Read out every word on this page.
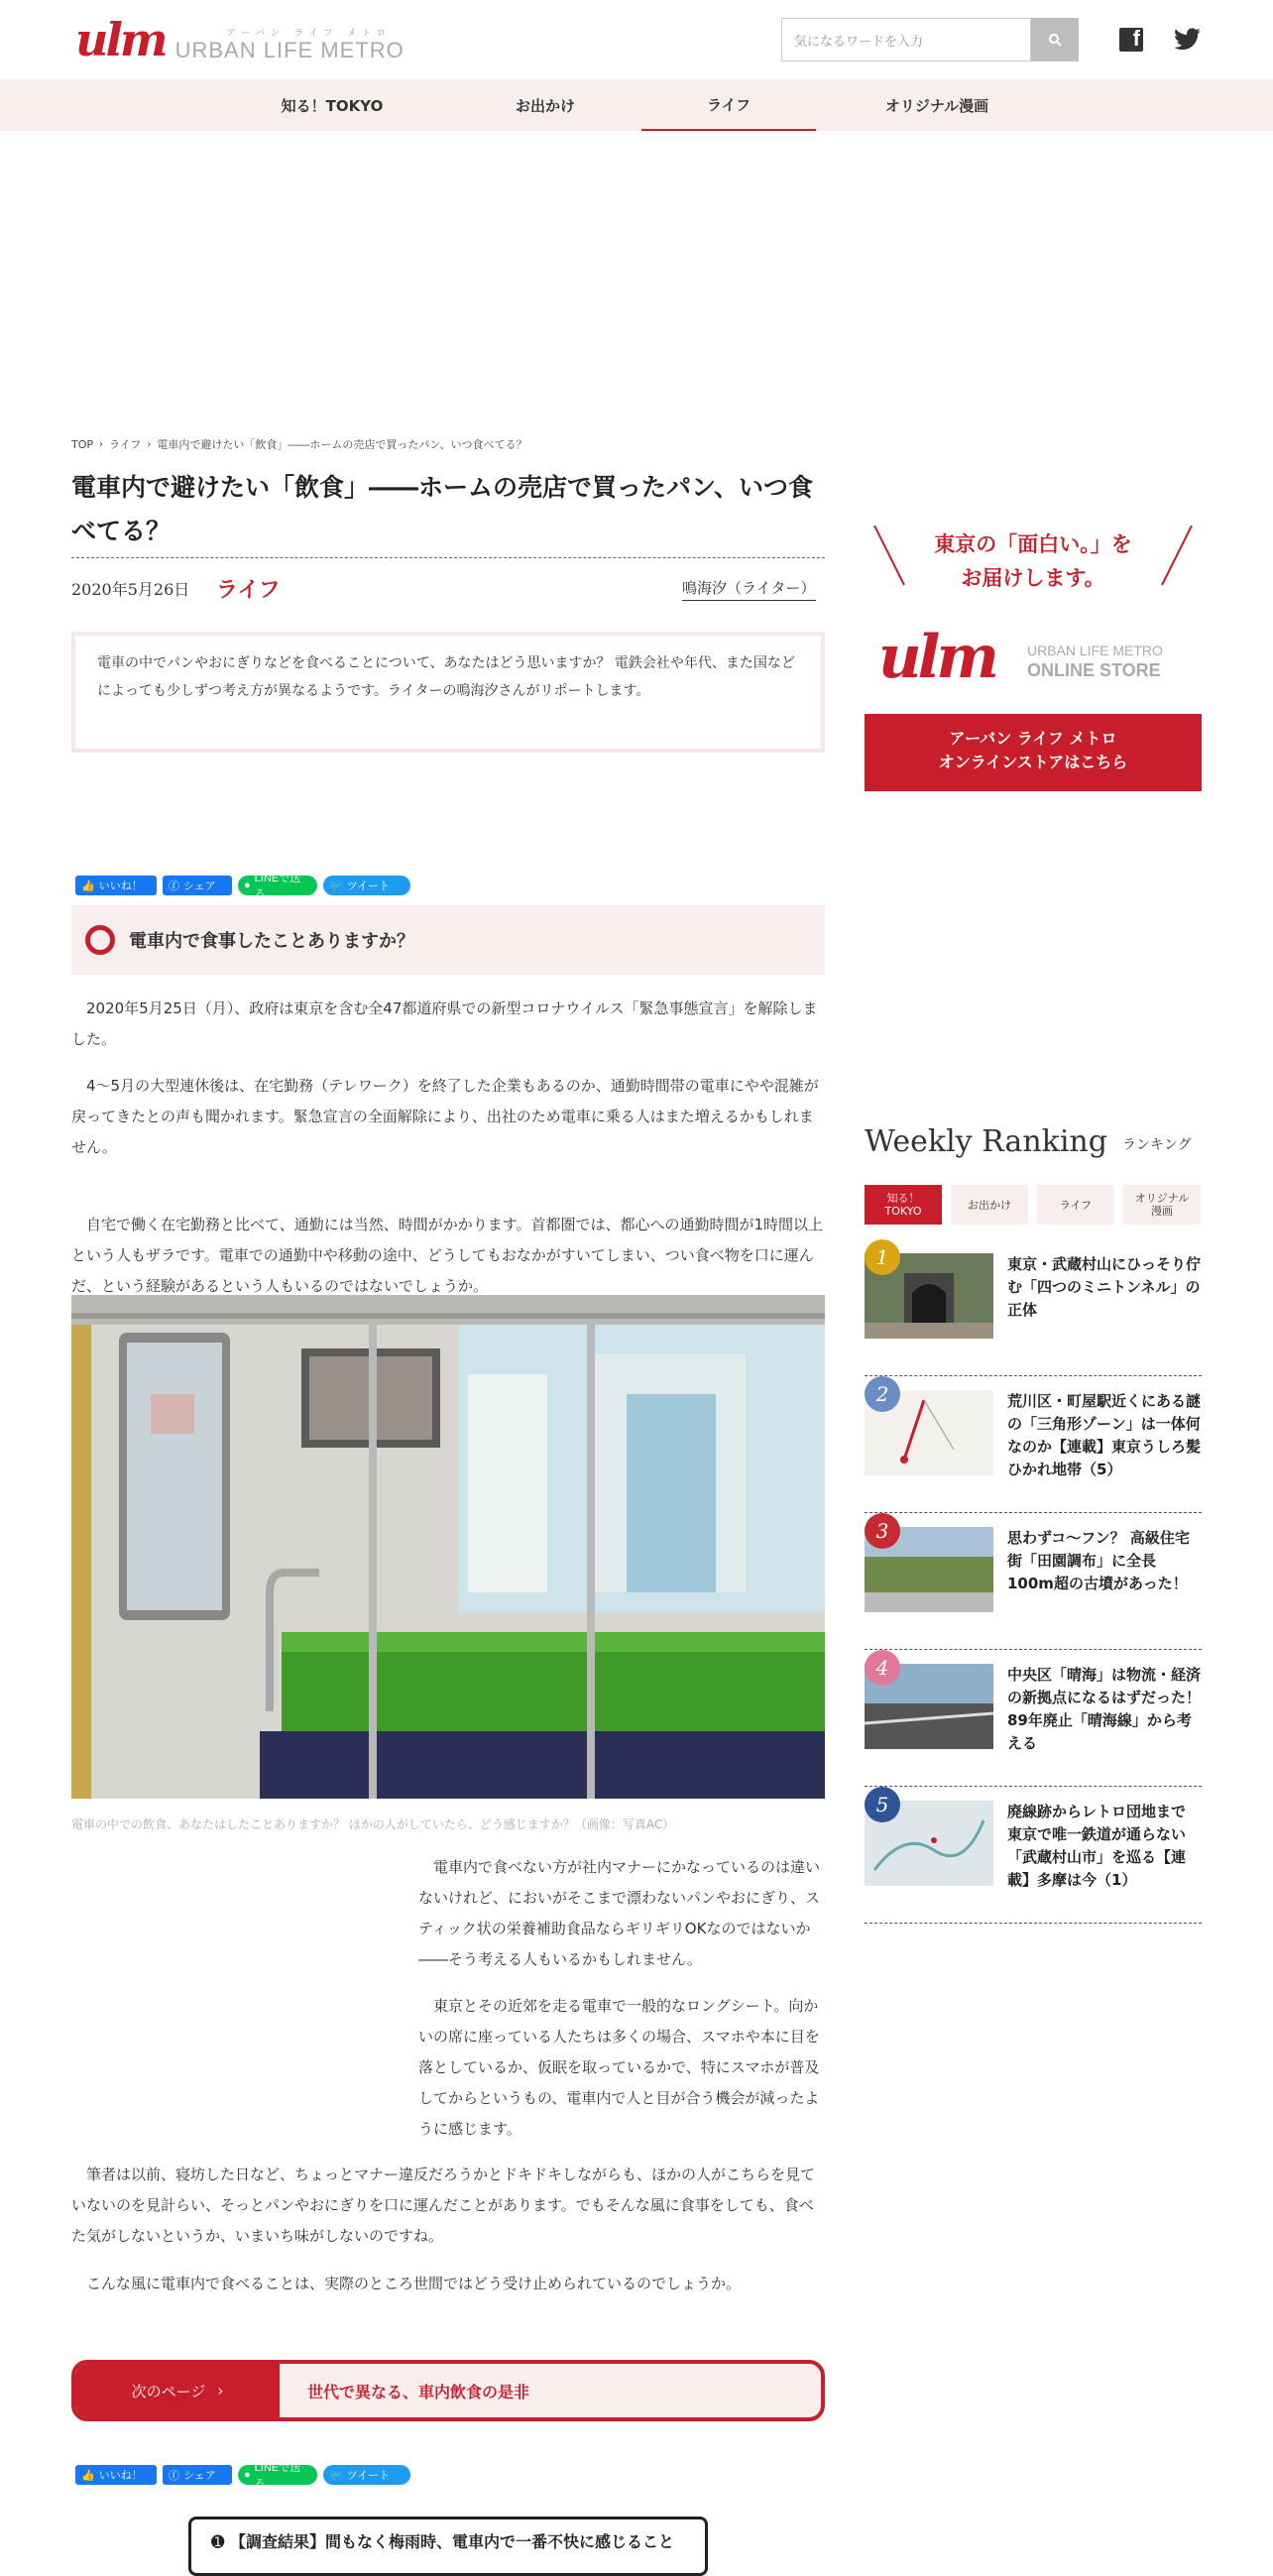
ulm	アーバン ライフ メトロ
URBAN LIFE METRO	気になるワードを入力	f
知る！TOKYO	お出かけ	ライフ	オリジナル漫画
TOP › ライフ › 電車内で避けたい「飲食」――ホームの売店で買ったパン、いつ食べてる？
電車内で避けたい「飲食」――ホームの売店で買ったパン、いつ食べてる？
2020年5月26日 ライフ	鳴海汐（ライター）
電車の中でパンやおにぎりなどを食べることについて、あなたはどう思いますか？ 電鉄会社や年代、また国などによっても少しずつ考え方が異なるようです。ライターの鳴海汐さんがリポートします。
👍 いいね！ ⓕ シェア	●
LINEで送る
🐦 ツイート
電車内で食事したことありますか？

2020年5月25日（月）、政府は東京を含む全47都道府県での新型コロナウイルス「緊急事態宣言」を解除しました。

4～5月の大型連休後は、在宅勤務（テレワーク）を終了した企業もあるのか、通勤時間帯の電車にやや混雑が戻ってきたとの声も聞かれます。緊急宣言の全面解除により、出社のため電車に乗る人はまた増えるかもしれません。

自宅で働く在宅勤務と比べて、通勤には当然、時間がかかります。首都圏では、都心への通勤時間が1時間以上という人もザラです。電車での通勤中や移動の途中、どうしてもおなかがすいてしまい、つい食べ物を口に運んだ、という経験があるという人もいるのではないでしょうか。

電車の中での飲食、あなたはしたことありますか？ ほかの人がしていたら、どう感じますか？（画像：写真AC）

電車内で食べない方が社内マナーにかなっているのは違いないけれど、においがそこまで漂わないパンやおにぎり、スティック状の栄養補助食品ならギリギリOKなのではないか――そう考える人もいるかもしれません。

東京とその近郊を走る電車で一般的なロングシート。向かいの席に座っている人たちは多くの場合、スマホや本に目を落としているか、仮眠を取っているかで、特にスマホが普及してからというもの、電車内で人と目が合う機会が減ったように感じます。

筆者は以前、寝坊した日など、ちょっとマナー違反だろうかとドキドキしながらも、ほかの人がこちらを見ていないのを見計らい、そっとパンやおにぎりを口に運んだことがあります。でもそんな風に食事をしても、食べた気がしないというか、いまいち味がしないのですね。

こんな風に電車内で食べることは、実際のところ世間ではどう受け止められているのでしょうか。

次のページ ›	世代で異なる、車内飲食の是非
👍 いいね！ ⓕ シェア	●
LINEで送る
🐦 ツイート
➊ 【調査結果】間もなく梅雨時、電車内で一番不快に感じること
東京の「面白い。」を
お届けします。
ulm URBAN LIFE METRO
ONLINE STORE
アーバン ライフ メトロ
オンラインストアはこちら
Weekly Ranking ランキング
知る！
TOKYO	お出かけ	ライフ	オリジナル
漫画
1	東京・武蔵村山にひっそり佇む「四つのミニトンネル」の正体
2	荒川区・町屋駅近くにある謎の「三角形ゾーン」は一体何なのか【連載】東京うしろ髪ひかれ地帯（5）
3	思わずコ～フン？ 高級住宅街「田園調布」に全長100m超の古墳があった！
4	中央区「晴海」は物流・経済の新拠点になるはずだった！ 89年廃止「晴海線」から考える
5	廃線跡からレトロ団地まで 東京で唯一鉄道が通らない「武蔵村山市」を巡る【連載】多摩は今（1）
